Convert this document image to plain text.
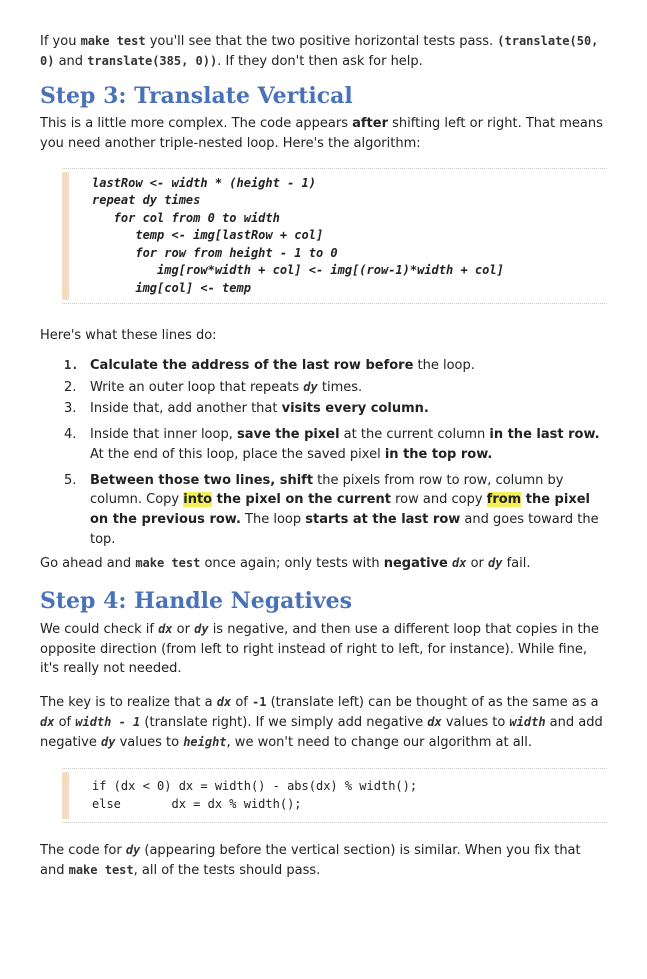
If you make test you'll see that the two positive horizontal tests pass. (translate(50, 0) and translate(385, 0)). If they don't then ask for help.

Step 3: Translate Vertical

This is a little more complex. The code appears after shifting left or right. That means you need another triple-nested loop. Here's the algorithm:

lastRow <- width * (height - 1)
repeat dy times
for col from 0 to width
temp <- img[lastRow + col]
for row from height - 1 to 0
img[row*width + col] <- img[(row-1)*width + col]
img[col] <- temp

Here's what these lines do:

1. Calculate the address of the last row before the loop.
2. Write an outer loop that repeats dy times.
3. Inside that, add another that visits every column.
4. Inside that inner loop, save the pixel at the current column in the last row. At the end of this loop, place the saved pixel in the top row.
5. Between those two lines, shift the pixels from row to row, column by column. Copy into the pixel on the current row and copy from the pixel on the previous row. The loop starts at the last row and goes toward the top.

Go ahead and make test once again; only tests with negative dx or dy fail.

Step 4: Handle Negatives

We could check if dx or dy is negative, and then use a different loop that copies in the opposite direction (from left to right instead of right to left, for instance). While fine, it's really not needed.

The key is to realize that a dx of -1 (translate left) can be thought of as the same as a dx of width - 1 (translate right). If we simply add negative dx values to width and add negative dy values to height, we won't need to change our algorithm at all.

if (dx < 0) dx = width() - abs(dx) % width();
else       dx = dx % width();

The code for dy (appearing before the vertical section) is similar. When you fix that and make test, all of the tests should pass.
